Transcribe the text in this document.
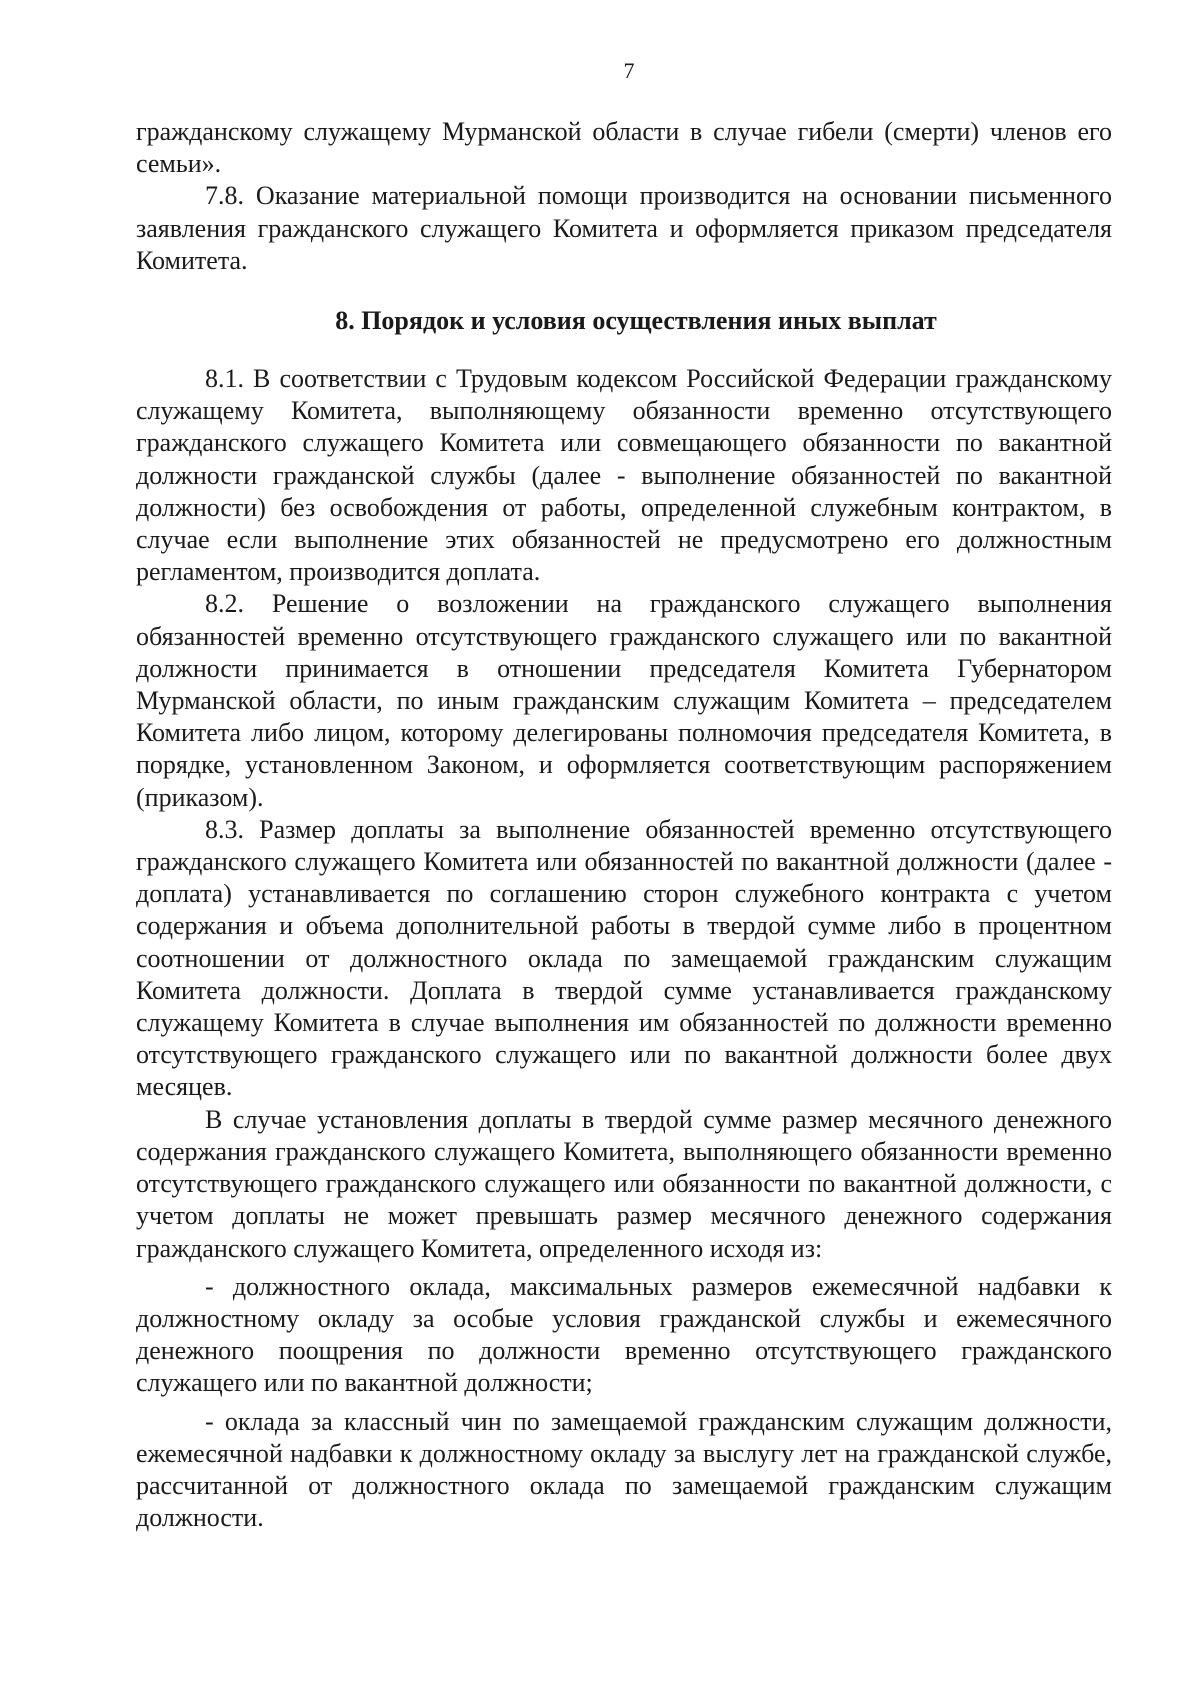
7

гражданскому служащему Мурманской области в случае гибели (смерти) членов его семьи».

7.8. Оказание материальной помощи производится на основании письменного заявления гражданского служащего Комитета и оформляется приказом председателя Комитета.

8. Порядок и условия осуществления иных выплат

8.1. В соответствии с Трудовым кодексом Российской Федерации гражданскому служащему Комитета, выполняющему обязанности временно отсутствующего гражданского служащего Комитета или совмещающего обязанности по вакантной должности гражданской службы (далее - выполнение обязанностей по вакантной должности) без освобождения от работы, определенной служебным контрактом, в случае если выполнение этих обязанностей не предусмотрено его должностным регламентом, производится доплата.

8.2. Решение о возложении на гражданского служащего выполнения обязанностей временно отсутствующего гражданского служащего или по вакантной должности принимается в отношении председателя Комитета Губернатором Мурманской области, по иным гражданским служащим Комитета – председателем Комитета либо лицом, которому делегированы полномочия председателя Комитета, в порядке, установленном Законом, и оформляется соответствующим распоряжением (приказом).

8.3. Размер доплаты за выполнение обязанностей временно отсутствующего гражданского служащего Комитета или обязанностей по вакантной должности (далее - доплата) устанавливается по соглашению сторон служебного контракта с учетом содержания и объема дополнительной работы в твердой сумме либо в процентном соотношении от должностного оклада по замещаемой гражданским служащим Комитета должности. Доплата в твердой сумме устанавливается гражданскому служащему Комитета в случае выполнения им обязанностей по должности временно отсутствующего гражданского служащего или по вакантной должности более двух месяцев.

В случае установления доплаты в твердой сумме размер месячного денежного содержания гражданского служащего Комитета, выполняющего обязанности временно отсутствующего гражданского служащего или обязанности по вакантной должности, с учетом доплаты не может превышать размер месячного денежного содержания гражданского служащего Комитета, определенного исходя из:

- должностного оклада, максимальных размеров ежемесячной надбавки к должностному окладу за особые условия гражданской службы и ежемесячного денежного поощрения по должности временно отсутствующего гражданского служащего или по вакантной должности;

- оклада за классный чин по замещаемой гражданским служащим должности, ежемесячной надбавки к должностному окладу за выслугу лет на гражданской службе, рассчитанной от должностного оклада по замещаемой гражданским служащим должности.
